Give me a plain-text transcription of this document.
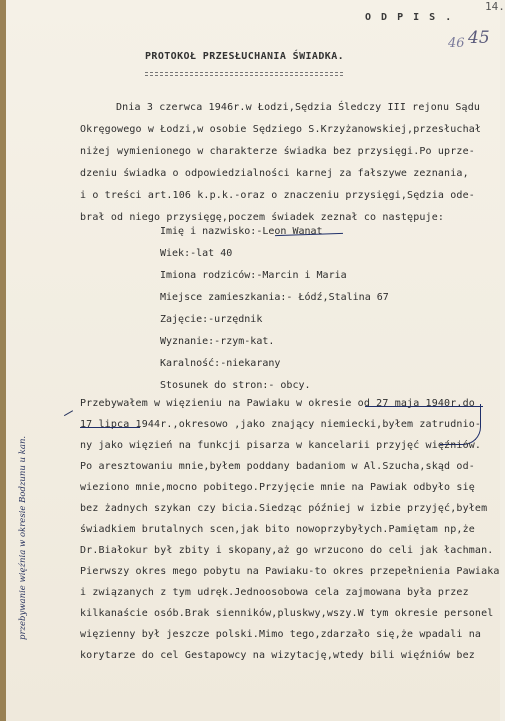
14.
O D P I S .
45
46
PROTOKOŁ PRZESŁUCHANIA ŚWIADKA.
Dnia 3 czerwca 1946r.w Łodzi,Sędzia Śledczy III rejonu Sądu
Okręgowego w Łodzi,w osobie Sędziego S.Krzyżanowskiej,przesłuchał
niżej wymienionego w charakterze świadka bez przysięgi.Po uprze-
dzeniu świadka o odpowiedzialności karnej za fałszywe zeznania,
i o treści art.106 k.p.k.-oraz o znaczeniu przysięgi,Sędzia ode-
brał od niego przysięgę,poczem świadek zeznał co następuje:
Imię i nazwisko:-Leon Wanat
Wiek:-lat 40
Imiona rodziców:-Marcin i Maria
Miejsce zamieszkania:- Łódź,Stalina 67
Zajęcie:-urzędnik
Wyznanie:-rzym-kat.
Karalność:-niekarany
Stosunek do stron:- obcy.
Przebywałem w więzieniu na Pawiaku w okresie od 27 maja 1940r.do
17 lipca 1944r.,okresowo ,jako znający niemiecki,byłem zatrudnio-
ny jako więzień na funkcji pisarza w kancelarii przyjęć więźniów.
Po aresztowaniu mnie,byłem poddany badaniom w Al.Szucha,skąd od-
wieziono mnie,mocno pobitego.Przyjęcie mnie na Pawiak odbyło się
bez żadnych szykan czy bicia.Siedząc później w izbie przyjęć,byłem
świadkiem brutalnych scen,jak bito nowoprzybyłych.Pamiętam np,że
Dr.Białokur był zbity i skopany,aż go wrzucono do celi jak łachman.
Pierwszy okres mego pobytu na Pawiaku-to okres przepełnienia Pawiaka
i związanych z tym udręk.Jednoosobowa cela zajmowana była przez
kilkanaście osób.Brak sienników,pluskwy,wszy.W tym okresie personel
więzienny był jeszcze polski.Mimo tego,zdarzało się,że wpadali na
korytarze do cel Gestapowcy na wizytację,wtedy bili więźniów bez
przebywanie więźnia w okresie Bodzunu u kan.
